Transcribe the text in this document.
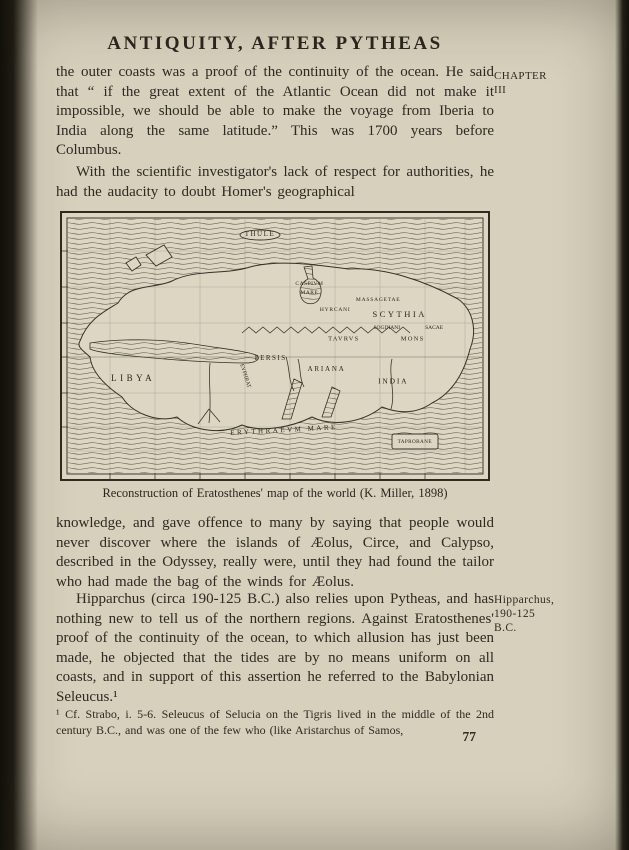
ANTIQUITY, AFTER PYTHEAS
CHAPTER
III
the outer coasts was a proof of the continuity of the ocean. He said that “ if the great extent of the Atlantic Ocean did not make it impossible, we should be able to make the voyage from Iberia to India along the same latitude.” This was 1700 years before Columbus.
With the scientific investigator's lack of respect for authorities, he had the audacity to doubt Homer's geographical
THULE
CASPIVM
MARE
MASSAGETAE
HYRCANI	SCYTHIA
SOGDIANI	SACAE
TAVRVS	MONS
PERSIS
ARIANA
INDIA
LIBYA	EVPHRAT
ERYTHRAEVM MARE
TAPROBANE
Reconstruction of Eratosthenes' map of the world (K. Miller, 1898)
knowledge, and gave offence to many by saying that people would never discover where the islands of Æolus, Circe, and Calypso, described in the Odyssey, really were, until they had found the tailor who had made the bag of the winds for Æolus.
Hipparchus,
190-125
B.C.
Hipparchus (circa 190-125 B.C.) also relies upon Pytheas, and has nothing new to tell us of the northern regions. Against Eratosthenes' proof of the continuity of the ocean, to which allusion has just been made, he objected that the tides are by no means uniform on all coasts, and in support of this assertion he referred to the Babylonian Seleucus.¹
¹ Cf. Strabo, i. 5-6. Seleucus of Selucia on the Tigris lived in the middle of the 2nd century B.C., and was one of the few who (like Aristarchus of Samos,	77
